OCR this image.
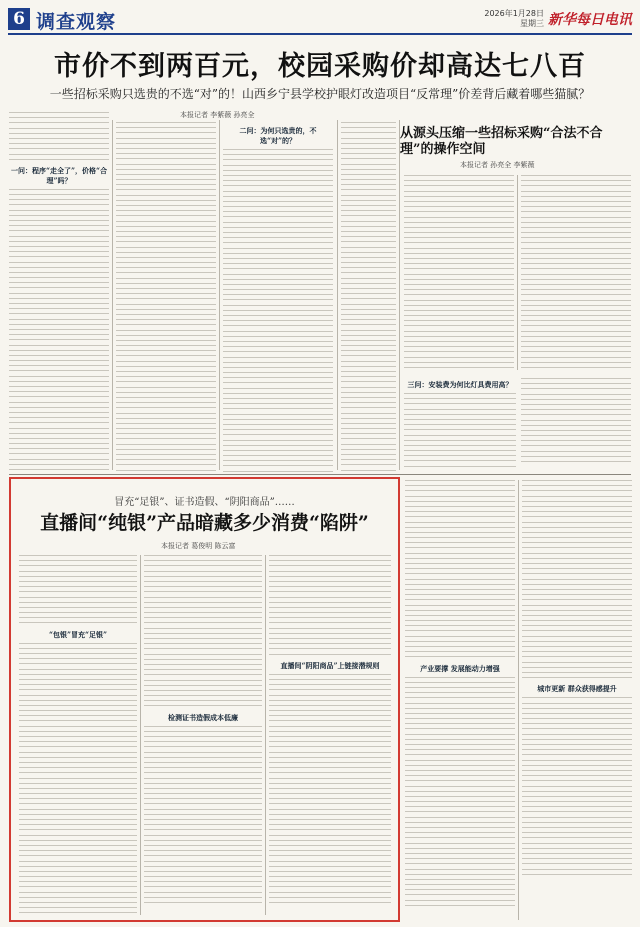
6 调查观察	2026年1月28日
星期三 新华每日电讯
市价不到两百元，校园采购价却高达七八百
一些招标采购只选贵的不选“对”的！山西乡宁县学校护眼灯改造项目“反常理”价差背后藏着哪些猫腻？
本报记者 李紫薇 孙亮全
从源头压缩一些招标采购“合法不合理”的操作空间
本报记者 孙亮全 李紫薇
一问：程序“走全了”，价格“合理”吗？
二问：为何只选贵的，不选“对”的？
三问：安装费为何比灯具费用高？
冒充“足银”、证书造假、“阴阳商品”……
直播间“纯银”产品暗藏多少消费“陷阱”
本报记者 葛俊明 陈云富
“包银”冒充“足银”
检测证书造假成本低廉
直播间“阴阳商品”上链接潜规则	产业要撑 发展能动力增强
城市更新 群众获得感提升
